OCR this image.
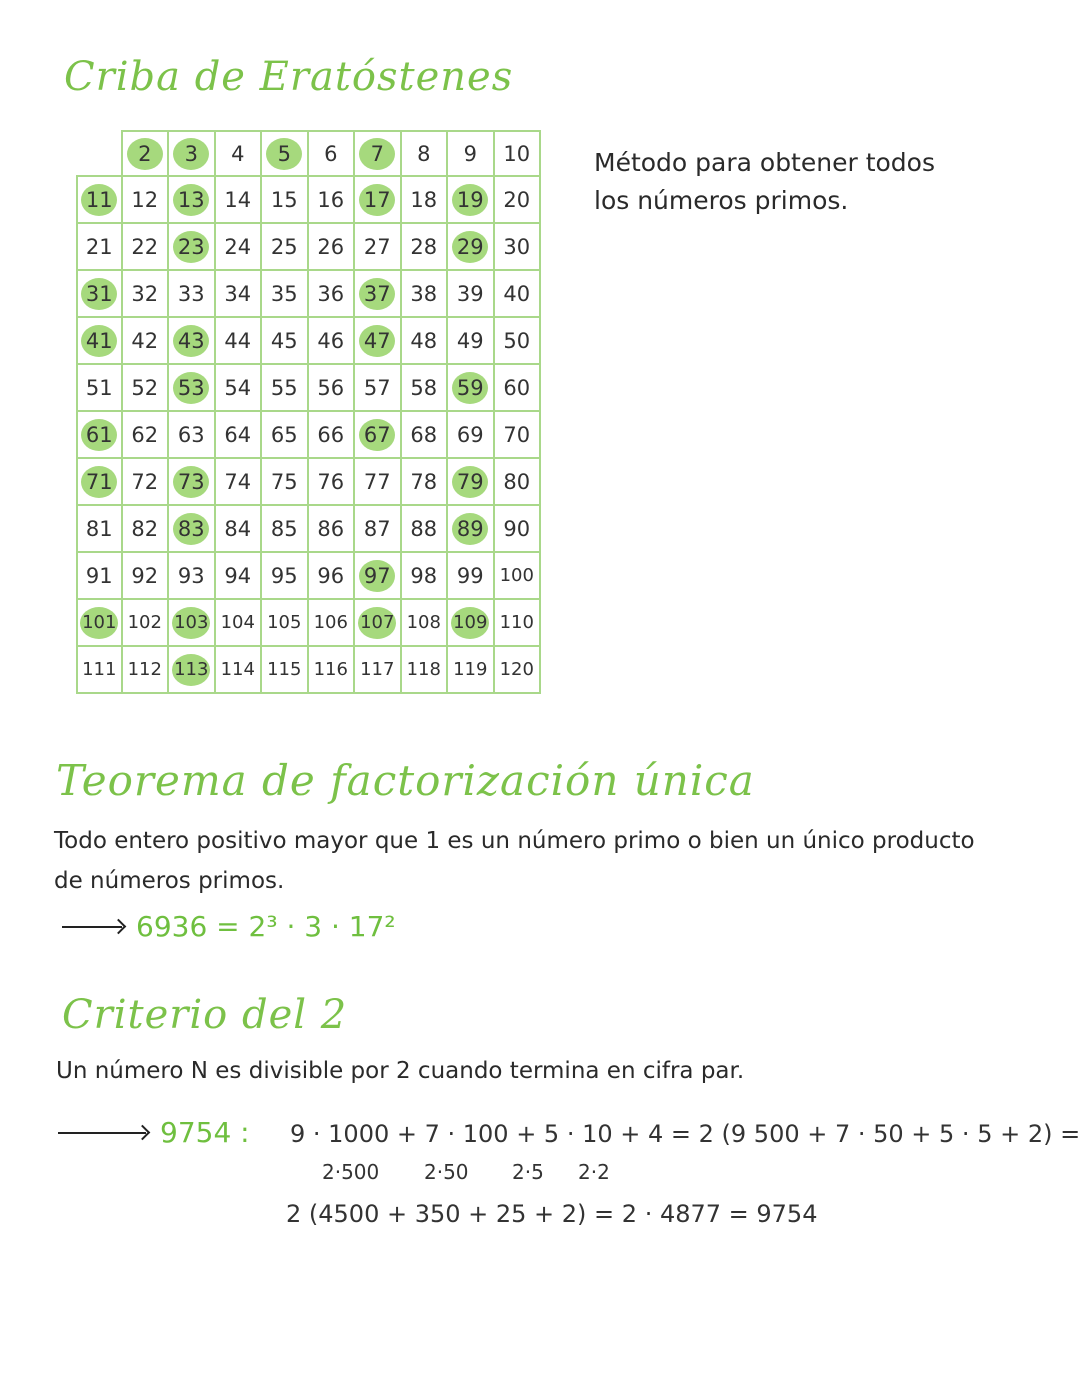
Criba de Eratóstenes
2	3	4	5	6	7	8 9 10
11 12 13 14 15 16 17 18 19 20
21 22 23 24 25 26 27 28 29 30
31 32 33 34 35 36 37 38 39 40
41 42 43 44 45 46 47 48 49 50
51 52 53 54 55 56 57 58 59 60
61 62 63 64 65 66 67 68 69 70
71 72 73 74 75 76 77 78 79 80
81 82 83 84 85 86 87 88 89 90
91 92 93 94 95 96 97 98 99 100
101 102 103 104 105 106 107 108 109 110
111 112 113 114 115 116 117 118 119 120
Método para obtener todos
los números primos.
Teorema de factorización única
Todo entero positivo mayor que 1 es un número primo o bien un único producto
de números primos.
6936 = 2³ · 3 · 17²
Criterio del 2
Un número N es divisible por 2 cuando termina en cifra par.
9754 : 9 · 1000 + 7 · 100 + 5 · 10 + 4 = 2 (9 500 + 7 · 50 + 5 · 5 + 2) =
2·500 2·50 2·5 2·2
2 (4500 + 350 + 25 + 2) = 2 · 4877 = 9754
